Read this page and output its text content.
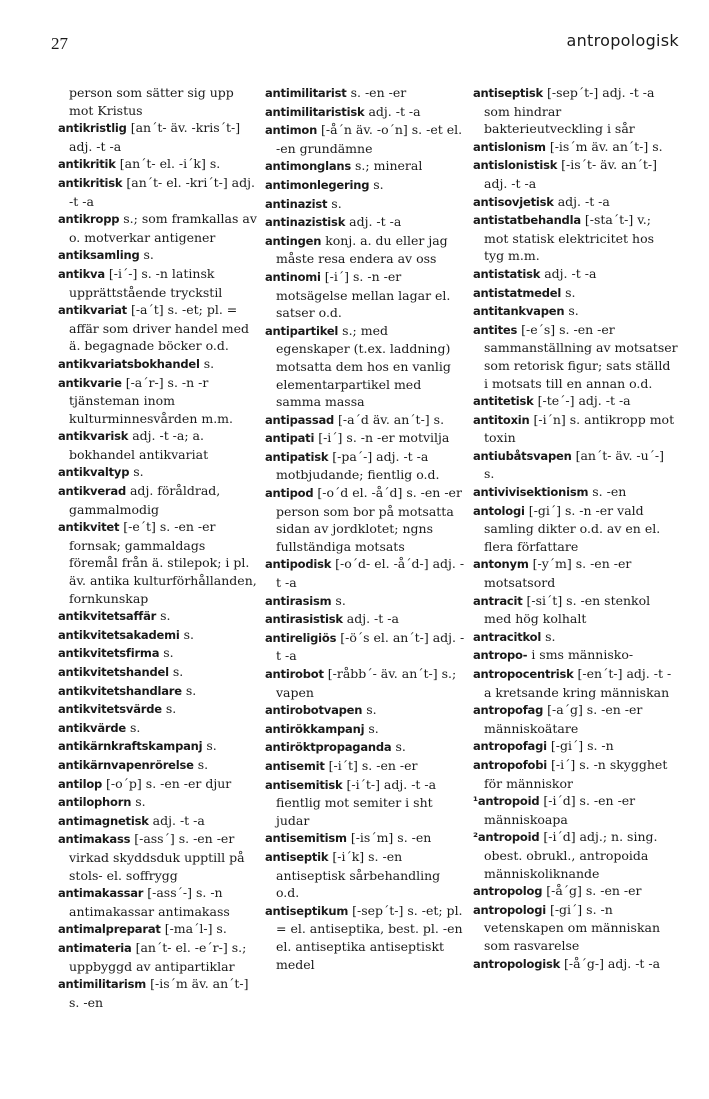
27	antropologisk

person som sätter sig upp mot Kristus

antikristlig [an´t- äv. -kris´t-] adj. -t -a

antikritik [an´t- el. -i´k] s.

antikritisk [an´t- el. -kri´t-] adj. -t -a

antikropp s.; som framkallas av o. motverkar antigener

antiksamling s.

antikva [-i´-] s. -n latinsk upprättstående tryckstil

antikvariat [-a´t] s. -et; pl. = affär som driver handel med ä. begagnade böcker o.d.

antikvariatsbokhandel s.

antikvarie [-a´r-] s. -n -r tjänsteman inom kulturminnesvården m.m.

antikvarisk adj. -t -a; a. bokhandel antikvariat

antikvaltyp s.

antikverad adj. föråldrad, gammalmodig

antikvitet [-e´t] s. -en -er fornsak; gammaldags föremål från ä. stilepok; i pl. äv. antika kulturförhållanden, fornkunskap

antikvitetsaffär s.

antikvitetsakademi s.

antikvitetsfirma s.

antikvitetshandel s.

antikvitetshandlare s.

antikvitetsvärde s.

antikvärde s.

antikärnkraftskampanj s.

antikärnvapenrörelse s.

antilop [-o´p] s. -en -er djur

antilophorn s.

antimagnetisk adj. -t -a

antimakass [-ass´] s. -en -er virkad skyddsduk upptill på stols- el. soffrygg

antimakassar [-ass´-] s. -n antimakassar antimakass

antimalpreparat [-ma´l-] s.

antimateria [an´t- el. -e´r-] s.; uppbyggd av antipartiklar

antimilitarism [-is´m äv. an´t-] s. -en

antimilitarist s. -en -er

antimilitaristisk adj. -t -a

antimon [-å´n äv. -o´n] s. -et el. -en grundämne

antimonglans s.; mineral

antimonlegering s.

antinazist s.

antinazistisk adj. -t -a

antingen konj. a. du eller jag måste resa endera av oss

antinomi [-i´] s. -n -er motsägelse mellan lagar el. satser o.d.

antipartikel s.; med egenskaper (t.ex. laddning) motsatta dem hos en vanlig elementarpartikel med samma massa

antipassad [-a´d äv. an´t-] s.

antipati [-i´] s. -n -er motvilja

antipatisk [-pa´-] adj. -t -a motbjudande; fientlig o.d.

antipod [-o´d el. -å´d] s. -en -er person som bor på motsatta sidan av jordklotet; ngns fullständiga motsats

antipodisk [-o´d- el. -å´d-] adj. -t -a

antirasism s.

antirasistisk adj. -t -a

antireligiös [-ö´s el. an´t-] adj. -t -a

antirobot [-råbb´- äv. an´t-] s.; vapen

antirobotvapen s.

antirökkampanj s.

antiröktpropaganda s.

antisemit [-i´t] s. -en -er

antisemitisk [-i´t-] adj. -t -a fientlig mot semiter i sht judar

antisemitism [-is´m] s. -en

antiseptik [-i´k] s. -en antiseptisk sårbehandling o.d.

antiseptikum [-sep´t-] s. -et; pl. = el. antiseptika, best. pl. -en el. antiseptika antiseptiskt medel

antiseptisk [-sep´t-] adj. -t -a som hindrar bakterieutveckling i sår

antislonism [-is´m äv. an´t-] s.

antislonistisk [-is´t- äv. an´t-] adj. -t -a

antisovjetisk adj. -t -a

antistatbehandla [-sta´t-] v.; mot statisk elektricitet hos tyg m.m.

antistatisk adj. -t -a

antistatmedel s.

antitankvapen s.

antites [-e´s] s. -en -er sammanställning av motsatser som retorisk figur; sats ställd i motsats till en annan o.d.

antitetisk [-te´-] adj. -t -a

antitoxin [-i´n] s. antikropp mot toxin

antiubåtsvapen [an´t- äv. -u´-] s.

antivivisektionism s. -en

antologi [-gi´] s. -n -er vald samling dikter o.d. av en el. flera författare

antonym [-y´m] s. -en -er motsatsord

antracit [-si´t] s. -en stenkol med hög kolhalt

antracitkol s.

antropo- i sms människo-

antropocentrisk [-en´t-] adj. -t -a kretsande kring människan

antropofag [-a´g] s. -en -er människoätare

antropofagi [-gi´] s. -n

antropofobi [-i´] s. -n skygghet för människor

¹antropoid [-i´d] s. -en -er människoapa

²antropoid [-i´d] adj.; n. sing. obest. obrukl., antropoida människoliknande

antropolog [-å´g] s. -en -er

antropologi [-gi´] s. -n vetenskapen om människan som rasvarelse

antropologisk [-å´g-] adj. -t -a
